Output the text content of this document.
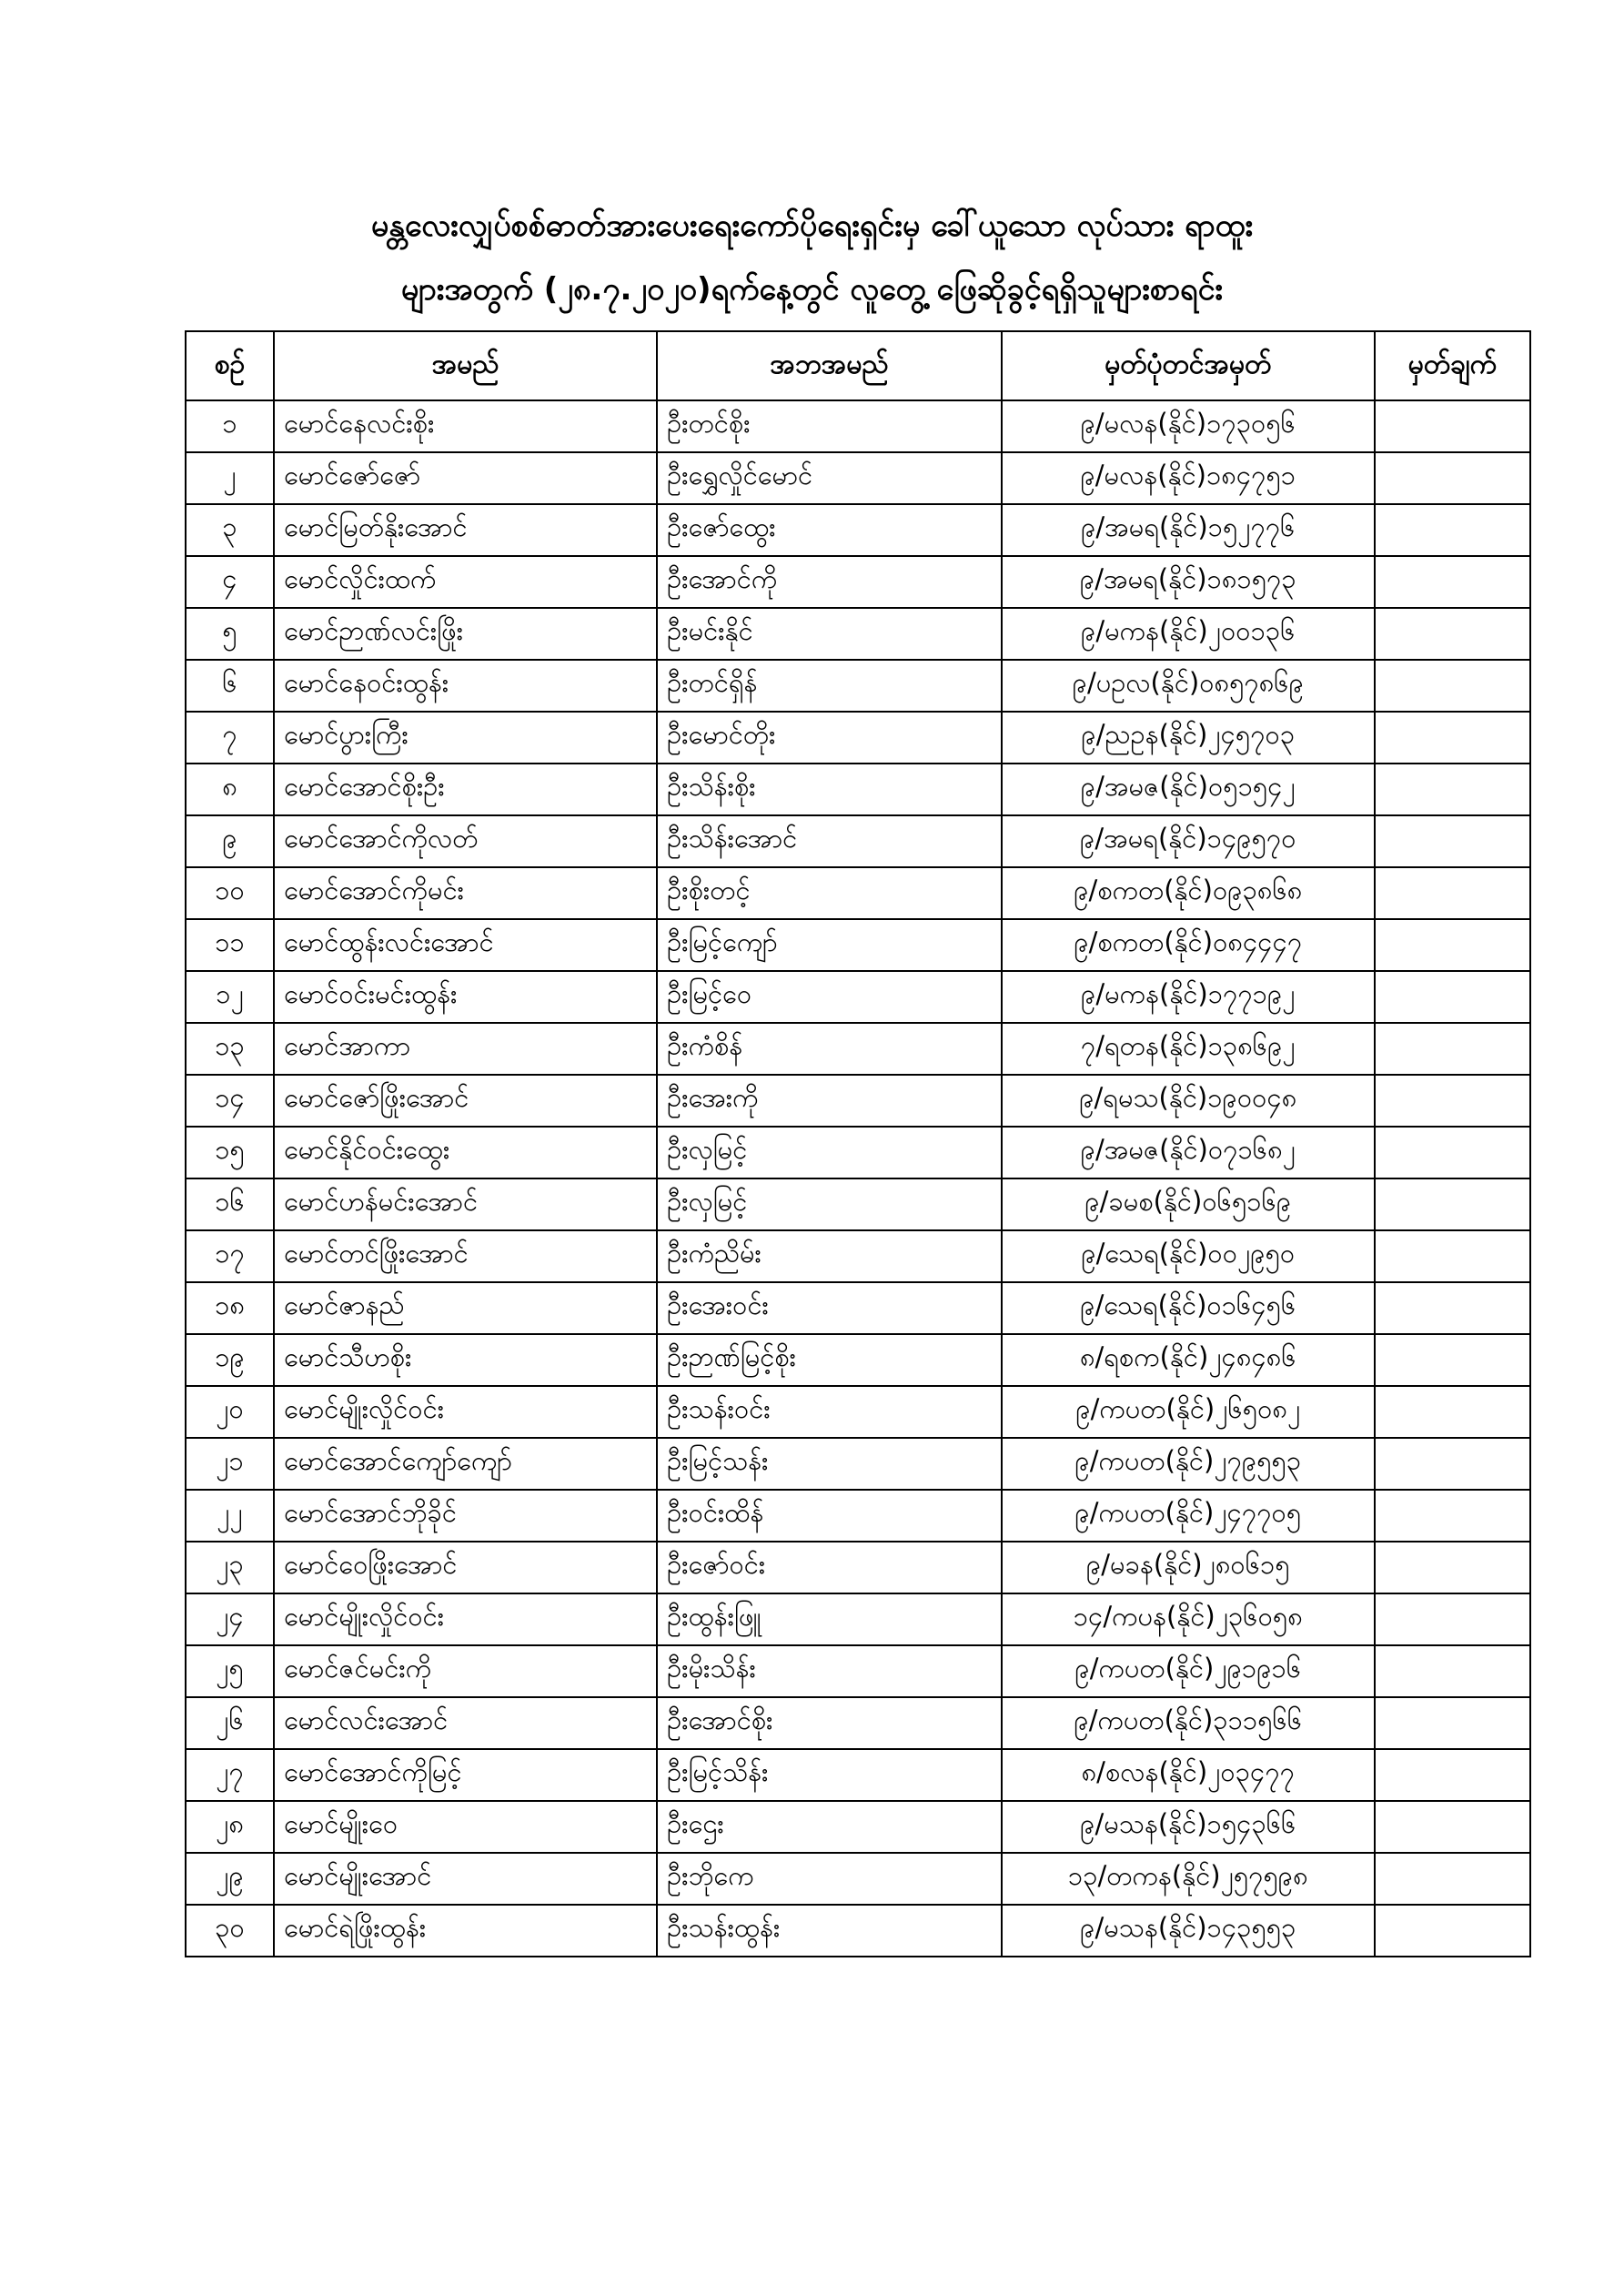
မန္တလေးလျှပ်စစ်ဓာတ်အားပေးရေးကော်ပိုရေးရှင်းမှ ခေါ်ယူသော လုပ်သား ရာထူး
များအတွက် (၂၈.၇.၂၀၂၀)ရက်နေ့တွင် လူတွေ့ ဖြေဆိုခွင့်ရရှိသူများစာရင်း
စဉ်	အမည်	အဘအမည်	မှတ်ပုံတင်အမှတ်	မှတ်ချက်
၁	မောင်နေလင်းစိုး	ဦးတင်စိုး	၉/မလန(နိုင်)၁၇၃၀၅၆	
၂	မောင်ဇော်ဇော်	ဦးရွှေလှိုင်မောင်	၉/မလန(နိုင်)၁၈၄၇၅၁	
၃	မောင်မြတ်နိုးအောင်	ဦးဇော်ထွေး	၉/အမရ(နိုင်)၁၅၂၇၇၆	
၄	မောင်လှိုင်းထက်	ဦးအောင်ကို	၉/အမရ(နိုင်)၁၈၁၅၇၃	
၅	မောင်ဉာဏ်လင်းဖြိုး	ဦးမင်းနိုင်	၉/မကန(နိုင်)၂၀၀၁၃၆	
၆	မောင်နေဝင်းထွန်း	ဦးတင်ရှိန်	၉/ပဥလ(နိုင်)၀၈၅၇၈၆၉	
၇	မောင်ပွားကြီး	ဦးမောင်တိုး	၉/ညဥန(နိုင်)၂၄၅၇၀၃	
၈	မောင်အောင်စိုးဦး	ဦးသိန်းစိုး	၉/အမဇ(နိုင်)၀၅၁၅၄၂	
၉	မောင်အောင်ကိုလတ်	ဦးသိန်းအောင်	၉/အမရ(နိုင်)၁၄၉၅၇၀	
၁၀	မောင်အောင်ကိုမင်း	ဦးစိုးတင့်	၉/စကတ(နိုင်)၀၉၃၈၆၈	
၁၁	မောင်ထွန်းလင်းအောင်	ဦးမြင့်ကျော်	၉/စကတ(နိုင်)၀၈၄၄၄၇	
၁၂	မောင်ဝင်းမင်းထွန်း	ဦးမြင့်ဝေ	၉/မကန(နိုင်)၁၇၇၁၉၂	
၁၃	မောင်အာကာ	ဦးကံစိန်	၇/ရတန(နိုင်)၁၃၈၆၉၂	
၁၄	မောင်ဇော်ဖြိုးအောင်	ဦးအေးကို	၉/ရမသ(နိုင်)၁၉၀၀၄၈	
၁၅	မောင်နိုင်ဝင်းထွေး	ဦးလှမြင့်	၉/အမဇ(နိုင်)၀၇၁၆၈၂	
၁၆	မောင်ဟန်မင်းအောင်	ဦးလှမြင့်	၉/ခမစ(နိုင်)၀၆၅၁၆၉	
၁၇	မောင်တင်ဖြိုးအောင်	ဦးကံညိမ်း	၉/သေရ(နိုင်)၀၀၂၉၅၀	
၁၈	မောင်ဇာနည်	ဦးအေးဝင်း	၉/သေရ(နိုင်)၀၁၆၄၅၆	
၁၉	မောင်သီဟစိုး	ဦးဉာဏ်မြင့်စိုး	၈/ရစက(နိုင်)၂၄၈၄၈၆	
၂၀	မောင်မျိုးလှိုင်ဝင်း	ဦးသန်းဝင်း	၉/ကပတ(နိုင်)၂၆၅၀၈၂	
၂၁	မောင်အောင်ကျော်ကျော်	ဦးမြင့်သန်း	၉/ကပတ(နိုင်)၂၇၉၅၅၃	
၂၂	မောင်အောင်ဘိုခိုင်	ဦးဝင်းထိန်	၉/ကပတ(နိုင်)၂၄၇၇၀၅	
၂၃	မောင်ဝေဖြိုးအောင်	ဦးဇော်ဝင်း	၉/မခန(နိုင်)၂၈၀၆၁၅	
၂၄	မောင်မျိုးလှိုင်ဝင်း	ဦးထွန်းဖြူ	၁၄/ကပန(နိုင်)၂၃၆၀၅၈	
၂၅	မောင်ဇင်မင်းကို	ဦးမိုးသိန်း	၉/ကပတ(နိုင်)၂၉၁၉၁၆	
၂၆	မောင်လင်းအောင်	ဦးအောင်စိုး	၉/ကပတ(နိုင်)၃၁၁၅၆၆	
၂၇	မောင်အောင်ကိုမြင့်	ဦးမြင့်သိန်း	၈/စလန(နိုင်)၂၀၃၄၇၇	
၂၈	မောင်မျိုးဝေ	ဦးဌေး	၉/မသန(နိုင်)၁၅၄၃၆၆	
၂၉	မောင်မျိုးအောင်	ဦးဘိုကေ	၁၃/တကန(နိုင်)၂၅၇၅၉၈	
၃၀	မောင်ရဲဖြိုးထွန်း	ဦးသန်းထွန်း	၉/မသန(နိုင်)၁၄၃၅၅၃	
